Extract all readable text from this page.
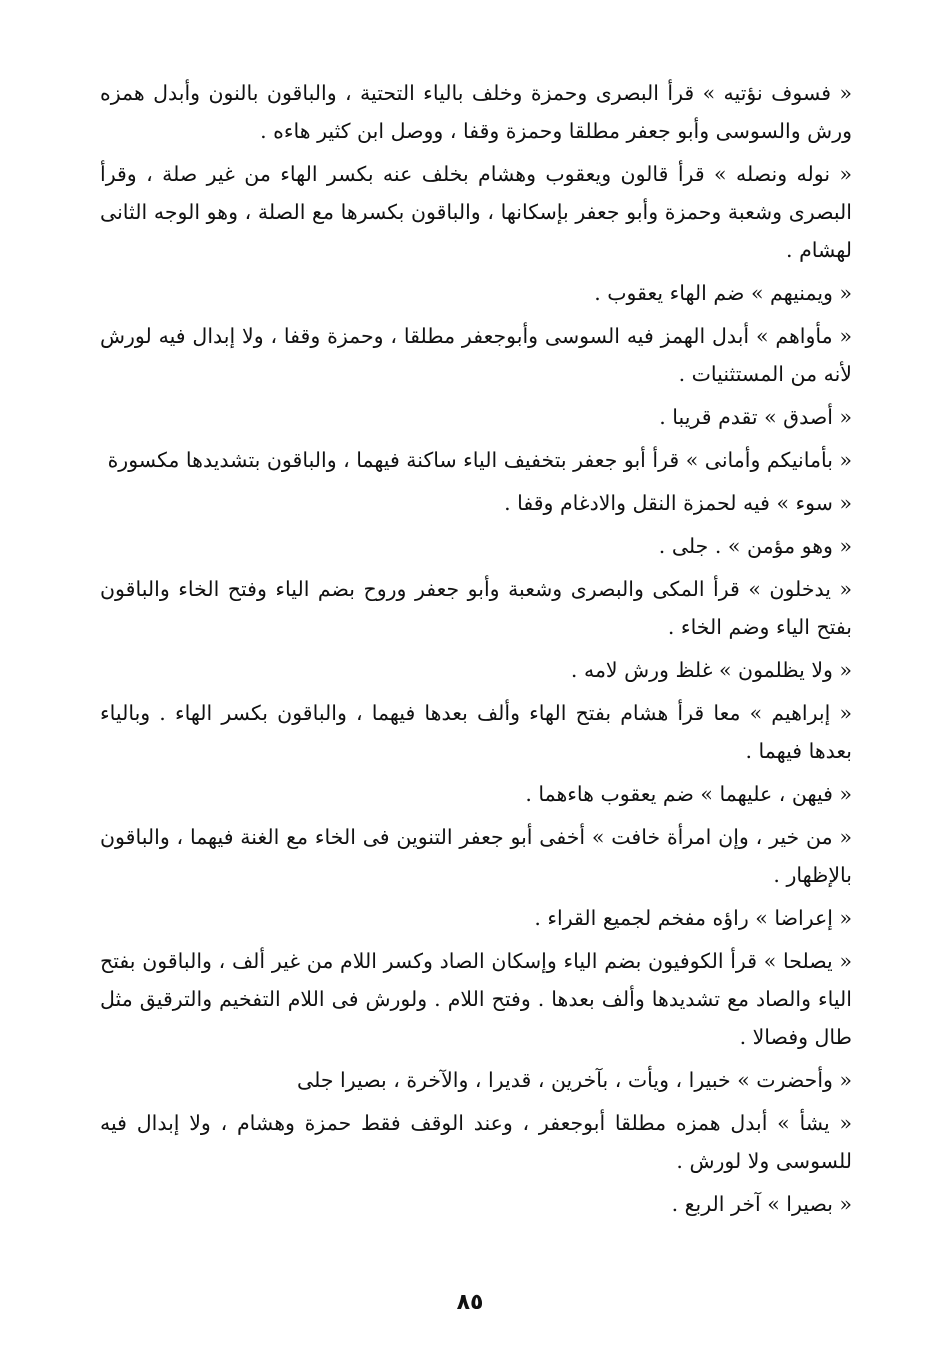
« فسوف نؤتيه » قرأ البصرى وحمزة وخلف بالياء التحتية ، والباقون بالنون وأبدل همزه ورش والسوسى وأبو جعفر مطلقا وحمزة وقفا ، ووصل ابن كثير هاءه .

« نوله ونصله » قرأ قالون ويعقوب وهشام بخلف عنه بكسر الهاء من غير صلة ، وقرأ البصرى وشعبة وحمزة وأبو جعفر بإسكانها ، والباقون بكسرها مع الصلة ، وهو الوجه الثانى لهشام .

« ويمنيهم » ضم الهاء يعقوب .

« مأواهم » أبدل الهمز فيه السوسى وأبوجعفر مطلقا ، وحمزة وقفا ، ولا إبدال فيه لورش لأنه من المستثنيات .

« أصدق » تقدم قريبا .

« بأمانيكم وأمانى » قرأ أبو جعفر بتخفيف الياء ساكنة فيهما ، والباقون بتشديدها مكسورة

« سوء » فيه لحمزة النقل والادغام وقفا .

« وهو مؤمن » . جلى .

« يدخلون » قرأ المكى والبصرى وشعبة وأبو جعفر وروح بضم الياء وفتح الخاء والباقون بفتح الياء وضم الخاء .

« ولا يظلمون » غلظ ورش لامه .

« إبراهيم » معا قرأ هشام بفتح الهاء وألف بعدها فيهما ، والباقون بكسر الهاء . وبالياء بعدها فيهما .

« فيهن ، عليهما » ضم يعقوب هاءهما .

« من خير ، وإن امرأة خافت » أخفى أبو جعفر التنوين فى الخاء مع الغنة فيهما ، والباقون بالإظهار .

« إعراضا » راؤه مفخم لجميع القراء .

« يصلحا » قرأ الكوفيون بضم الياء وإسكان الصاد وكسر اللام من غير ألف ، والباقون بفتح الياء والصاد مع تشديدها وألف بعدها . وفتح اللام . ولورش فى اللام التفخيم والترقيق مثل طال وفصالا .

« وأحضرت » خبيرا ، ويأت ، بآخرين ، قديرا ، والآخرة ، بصيرا جلى

« يشأ » أبدل همزه مطلقا أبوجعفر ، وعند الوقف فقط حمزة وهشام ، ولا إبدال فيه للسوسى ولا لورش .

« بصيرا » آخر الربع .

٨٥
